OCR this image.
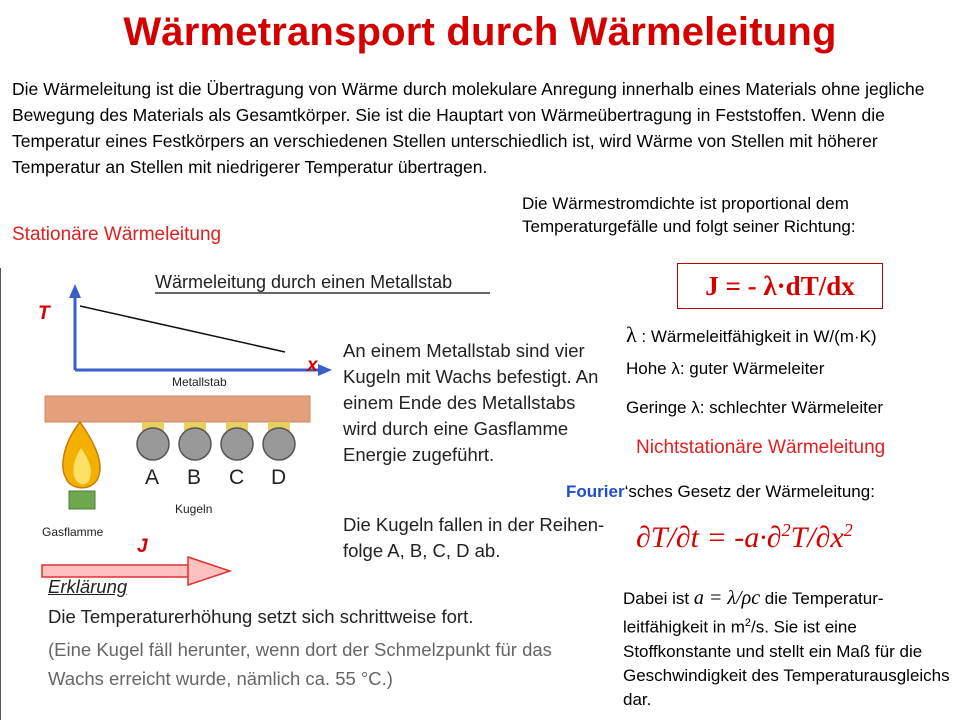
Wärmetransport durch Wärmeleitung
Die Wärmeleitung ist die Übertragung von Wärme durch molekulare Anregung innerhalb eines Materials ohne jegliche Bewegung des Materials als Gesamtkörper. Sie ist die Hauptart von Wärmeübertragung in Feststoffen. Wenn die Temperatur eines Festkörpers an verschiedenen Stellen unterschiedlich ist, wird Wärme von Stellen mit höherer Temperatur an Stellen mit niedrigerer Temperatur übertragen.
Stationäre Wärmeleitung
Die Wärmestromdichte ist proportional dem Temperaturgefälle und folgt seiner Richtung:
J = - λ·dT/dx
λ : Wärmeleitfähigkeit in W/(m·K)
Hohe λ: guter Wärmeleiter
Geringe λ: schlechter Wärmeleiter
Nichtstationäre Wärmeleitung
Fourier‘sches Gesetz der Wärmeleitung:
$\partial T/\partial t = -a\cdot\partial^2T/\partial x^2$
Dabei ist a = λ/ρc die Temperatur-leitfähigkeit in $m^2/s$. Sie ist eine Stoffkonstante und stellt ein Maß für die Geschwindigkeit des Temperaturausgleichs dar.
Wärmeleitung durch einen Metallstab
T
x
J
Metallstab
A B C D
Kugeln
Gasflamme
An einem Metallstab sind vier Kugeln mit Wachs befestigt. An einem Ende des Metallstabs wird durch eine Gasflamme Energie zugeführt.
Die Kugeln fallen in der Reihen-folge A, B, C, D ab.
Erklärung
Die Temperaturerhöhung setzt sich schrittweise fort.
(Eine Kugel fäll herunter, wenn dort der Schmelzpunkt für das Wachs erreicht wurde, nämlich ca. 55 °C.)
